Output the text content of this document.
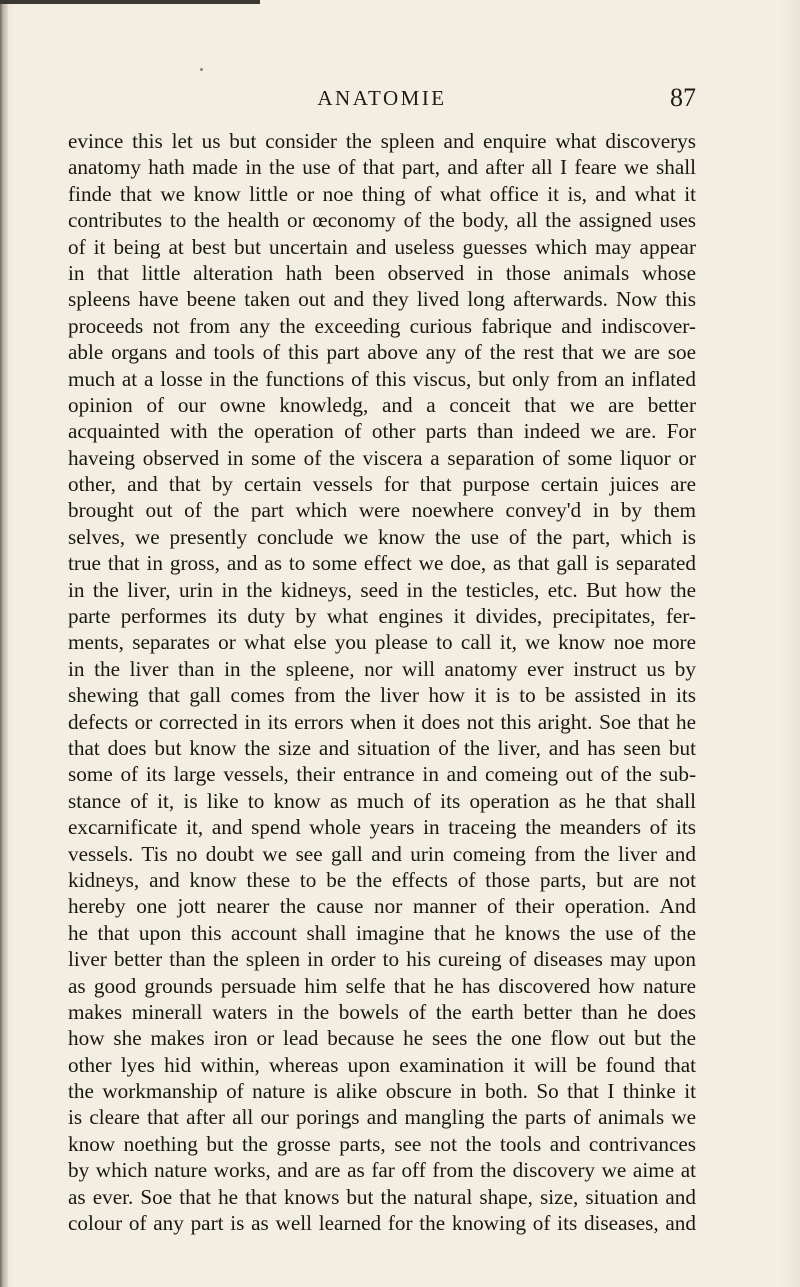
ANATOMIE	87
evince this let us but consider the spleen and enquire what discoverys
anatomy hath made in the use of that part, and after all I feare we shall
finde that we know little or noe thing of what office it is, and what it
contributes to the health or œconomy of the body, all the assigned uses
of it being at best but uncertain and useless guesses which may appear
in that little alteration hath been observed in those animals whose
spleens have beene taken out and they lived long afterwards. Now this
proceeds not from any the exceeding curious fabrique and indiscover-
able organs and tools of this part above any of the rest that we are soe
much at a losse in the functions of this viscus, but only from an inflated
opinion of our owne knowledg, and a conceit that we are better
acquainted with the operation of other parts than indeed we are. For
haveing observed in some of the viscera a separation of some liquor or
other, and that by certain vessels for that purpose certain juices are
brought out of the part which were noewhere convey'd in by them
selves, we presently conclude we know the use of the part, which is
true that in gross, and as to some effect we doe, as that gall is separated
in the liver, urin in the kidneys, seed in the testicles, etc. But how the
parte performes its duty by what engines it divides, precipitates, fer-
ments, separates or what else you please to call it, we know noe more
in the liver than in the spleene, nor will anatomy ever instruct us by
shewing that gall comes from the liver how it is to be assisted in its
defects or corrected in its errors when it does not this aright. Soe that he
that does but know the size and situation of the liver, and has seen but
some of its large vessels, their entrance in and comeing out of the sub-
stance of it, is like to know as much of its operation as he that shall
excarnificate it, and spend whole years in traceing the meanders of its
vessels. Tis no doubt we see gall and urin comeing from the liver and
kidneys, and know these to be the effects of those parts, but are not
hereby one jott nearer the cause nor manner of their operation. And
he that upon this account shall imagine that he knows the use of the
liver better than the spleen in order to his cureing of diseases may upon
as good grounds persuade him selfe that he has discovered how nature
makes minerall waters in the bowels of the earth better than he does
how she makes iron or lead because he sees the one flow out but the
other lyes hid within, whereas upon examination it will be found that
the workmanship of nature is alike obscure in both. So that I thinke it
is cleare that after all our porings and mangling the parts of animals we
know noething but the grosse parts, see not the tools and contrivances
by which nature works, and are as far off from the discovery we aime at
as ever. Soe that he that knows but the natural shape, size, situation and
colour of any part is as well learned for the knowing of its diseases, and
